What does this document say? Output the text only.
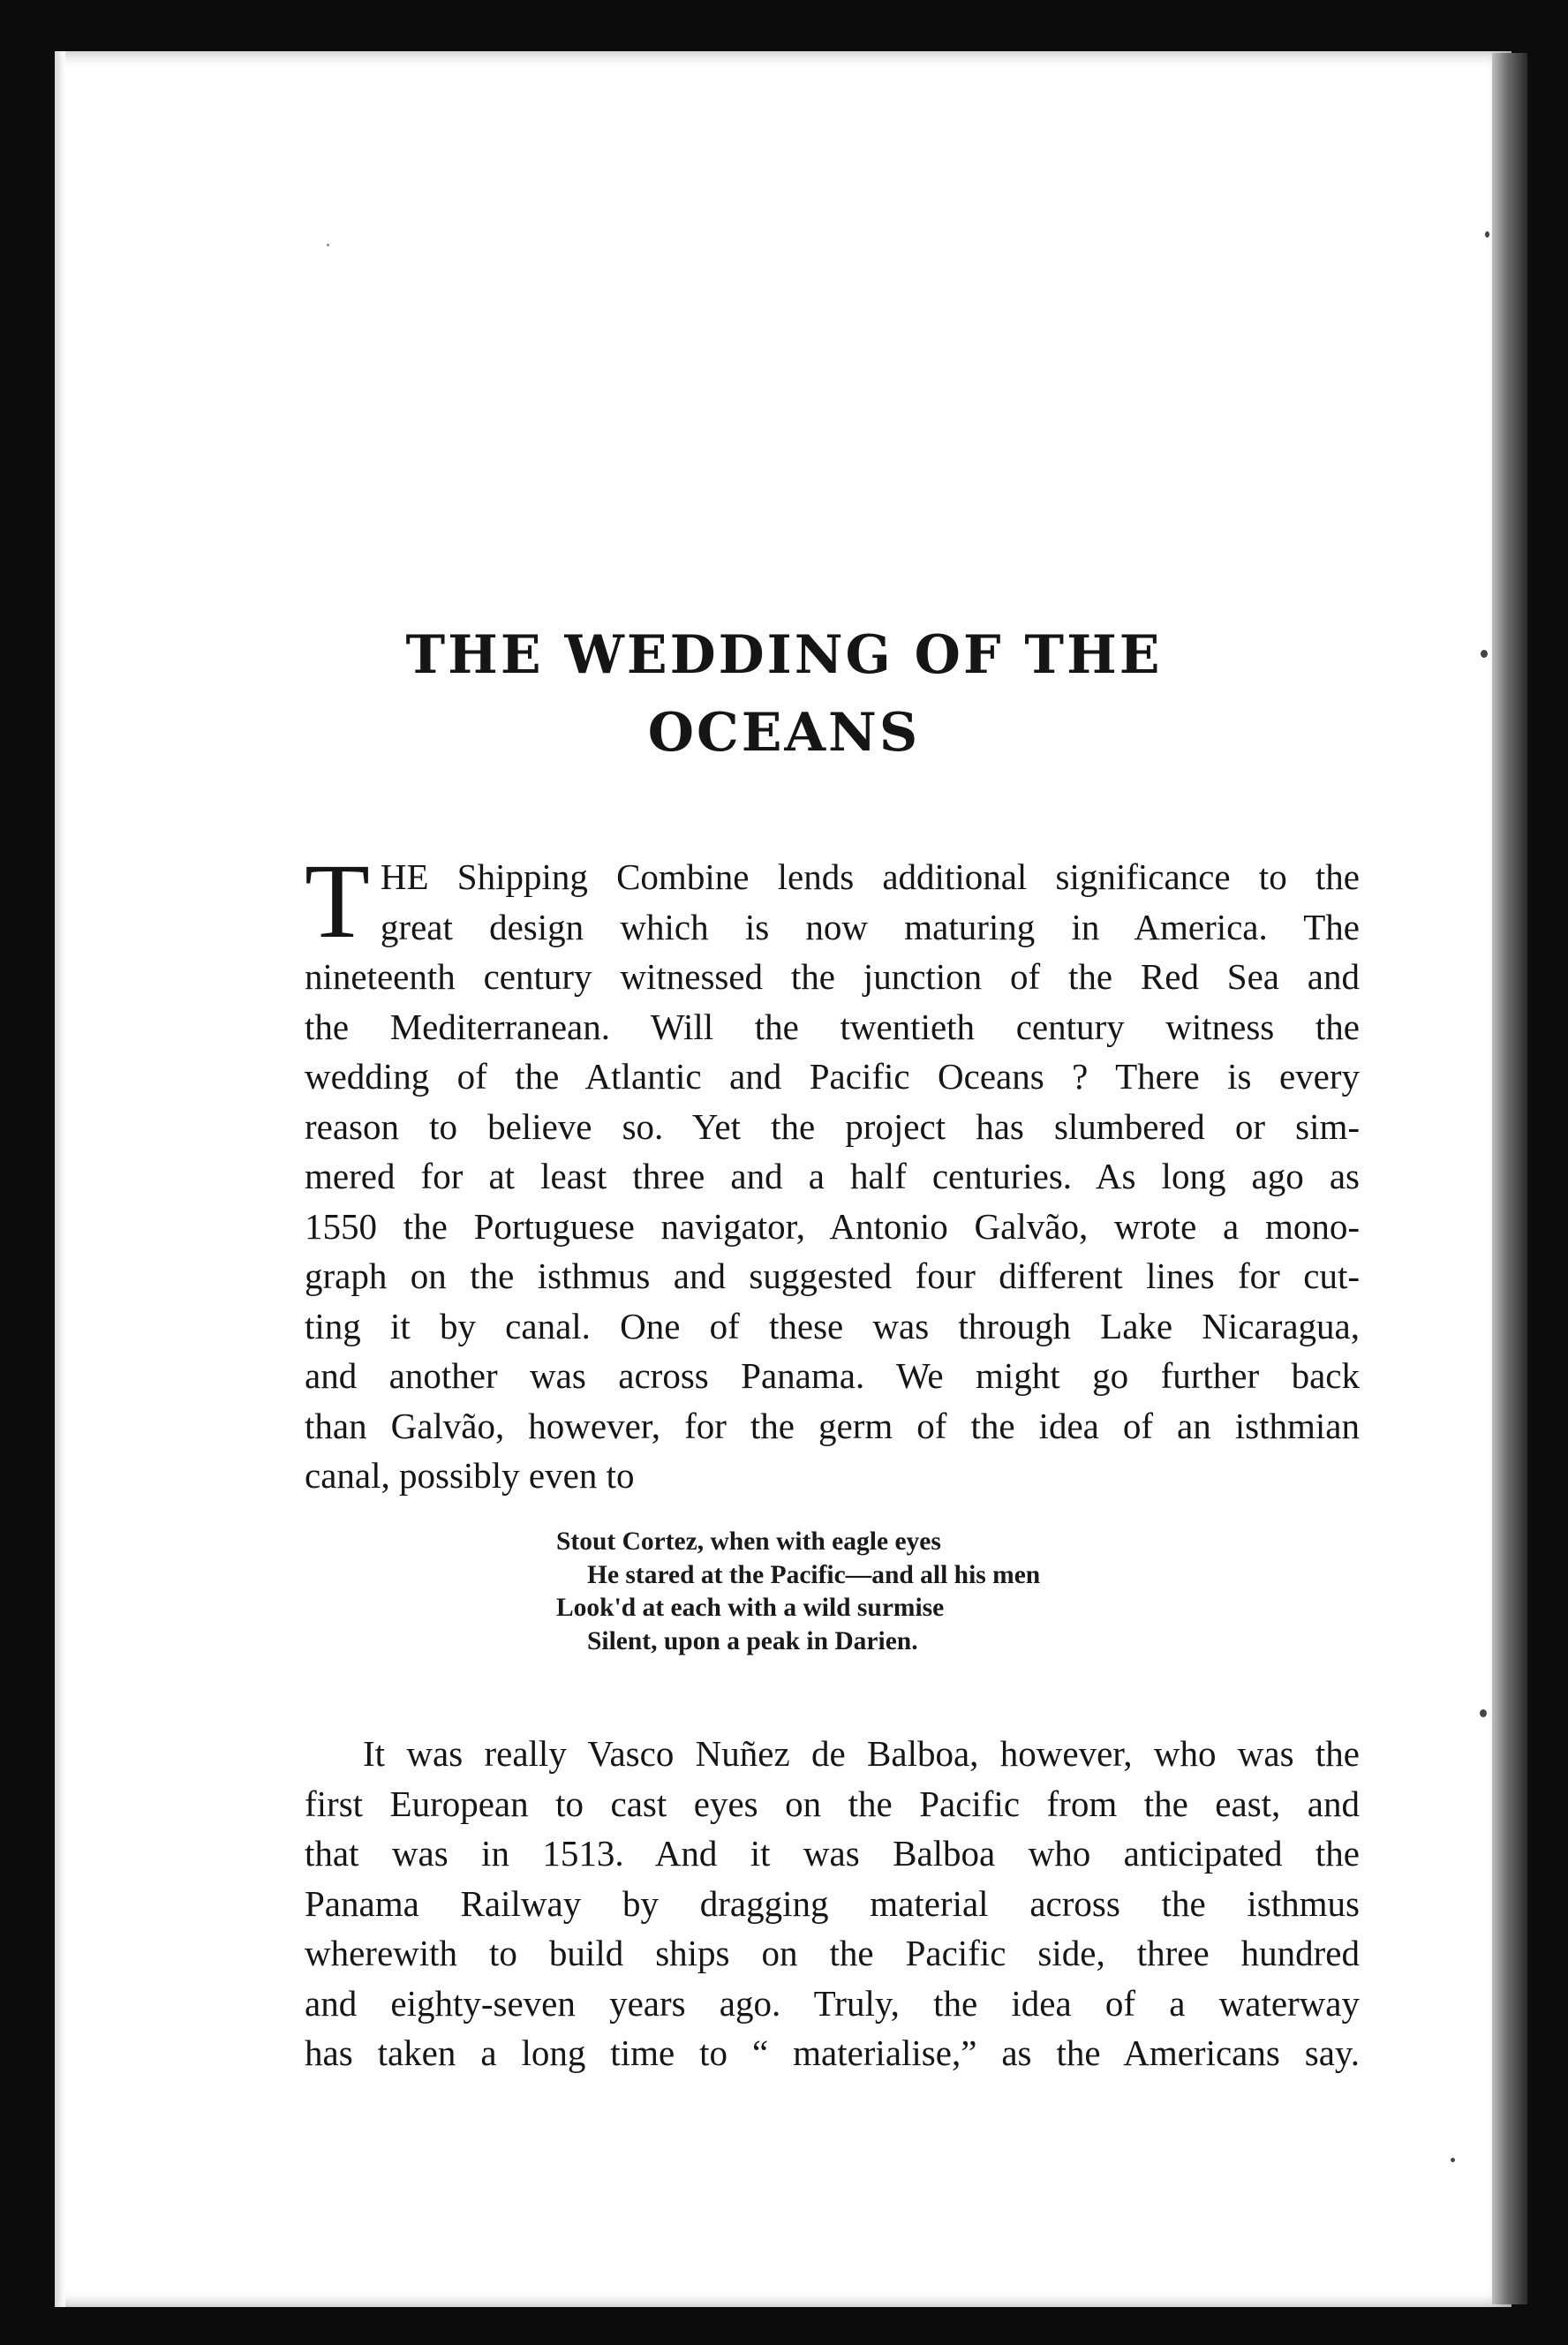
THE WEDDING OF THE
OCEANS
T HE Shipping Combine lends additional significance to the
great design which is now maturing in America. The
nineteenth century witnessed the junction of the Red Sea and
the Mediterranean. Will the twentieth century witness the
wedding of the Atlantic and Pacific Oceans ? There is every
reason to believe so. Yet the project has slumbered or sim-
mered for at least three and a half centuries. As long ago as
1550 the Portuguese navigator, Antonio Galvão, wrote a mono-
graph on the isthmus and suggested four different lines for cut-
ting it by canal. One of these was through Lake Nicaragua,
and another was across Panama. We might go further back
than Galvão, however, for the germ of the idea of an isthmian
canal, possibly even to
Stout Cortez, when with eagle eyes
He stared at the Pacific—and all his men
Look'd at each with a wild surmise
Silent, upon a peak in Darien.
It was really Vasco Nuñez de Balboa, however, who was the
first European to cast eyes on the Pacific from the east, and
that was in 1513. And it was Balboa who anticipated the
Panama Railway by dragging material across the isthmus
wherewith to build ships on the Pacific side, three hundred
and eighty-seven years ago. Truly, the idea of a waterway
has taken a long time to “ materialise,” as the Americans say.
